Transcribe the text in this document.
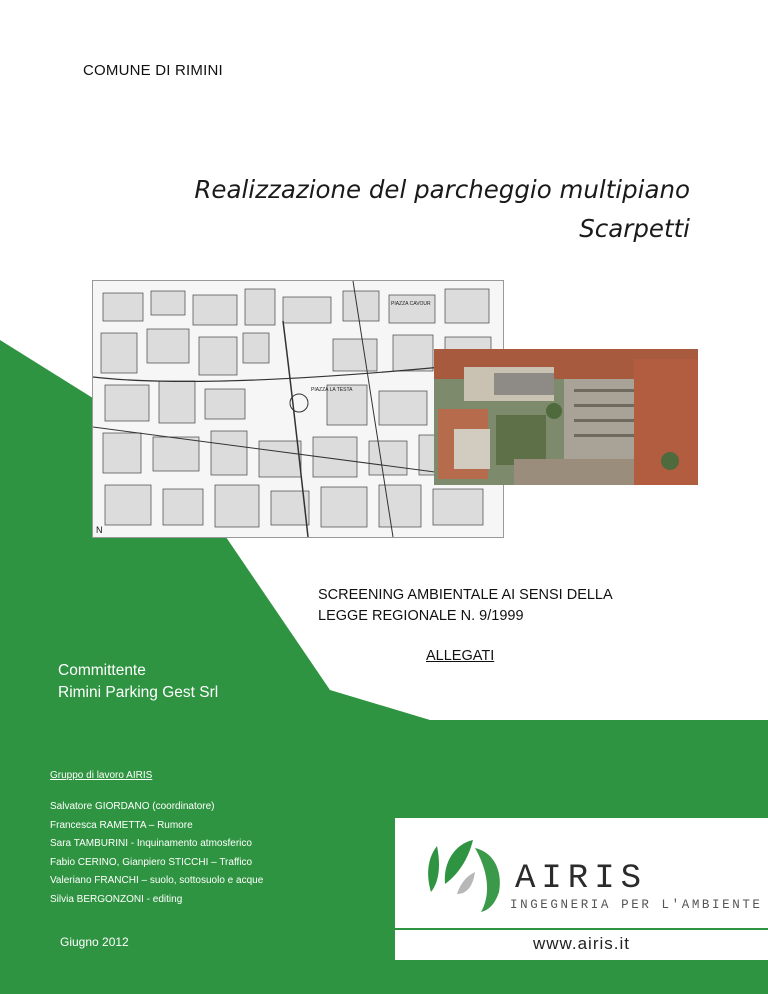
COMUNE DI RIMINI
Realizzazione del parcheggio multipiano
Scarpetti
PIAZZA CAVOUR
PIAZZA LA TESTA
N
SCREENING AMBIENTALE AI SENSI DELLA
LEGGE REGIONALE N. 9/1999
ALLEGATI
Committente
Rimini Parking Gest Srl
Gruppo di lavoro AIRIS
Salvatore GIORDANO (coordinatore)
Francesca RAMETTA – Rumore
Sara TAMBURINI - Inquinamento atmosferico
Fabio CERINO, Gianpiero STICCHI – Traffico
Valeriano FRANCHI – suolo, sottosuolo e acque
Silvia BERGONZONI - editing
Giugno 2012
AIRIS
INGEGNERIA PER L'AMBIENTE
www.airis.it
